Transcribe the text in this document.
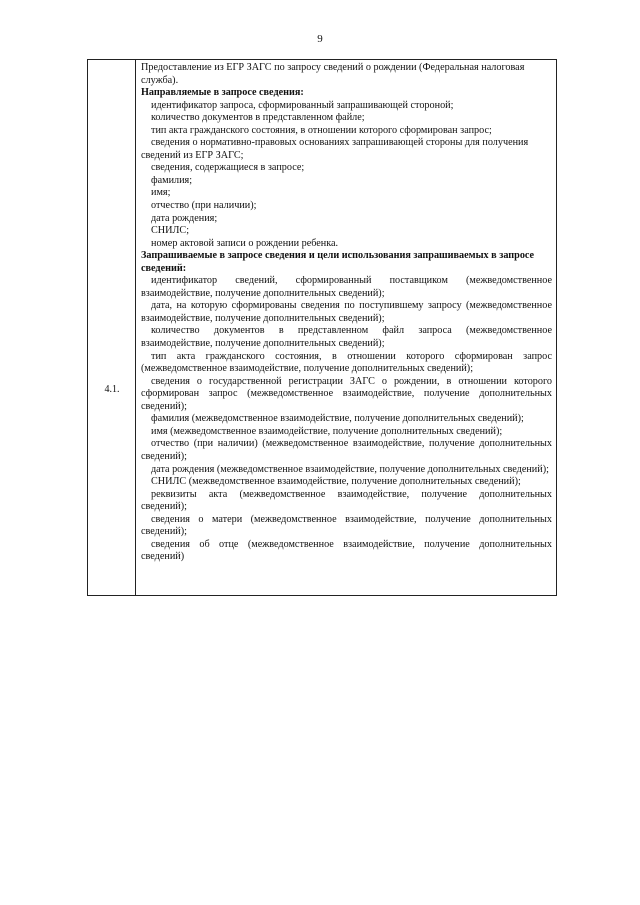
9
4.1.

Предоставление из ЕГР ЗАГС по запросу сведений о рождении (Федеральная налоговая служба).

Направляемые в запросе сведения:

идентификатор запроса, сформированный запрашивающей стороной;

количество документов в представленном файле;

тип акта гражданского состояния, в отношении которого сформирован запрос;

сведения о нормативно-правовых основаниях запрашивающей стороны для получения сведений из ЕГР ЗАГС;

сведения, содержащиеся в запросе;

фамилия;

имя;

отчество (при наличии);

дата рождения;

СНИЛС;

номер актовой записи о рождении ребенка.

Запрашиваемые в запросе сведения и цели использования запрашиваемых в запросе сведений:

идентификатор сведений, сформированный поставщиком (межведомственное взаимодействие, получение дополнительных сведений);

дата, на которую сформированы сведения по поступившему запросу (межведомственное взаимодействие, получение дополнительных сведений);

количество документов в представленном файл запроса (межведомственное взаимодействие, получение дополнительных сведений);

тип акта гражданского состояния, в отношении которого сформирован запрос (межведомственное взаимодействие, получение дополнительных сведений);

сведения о государственной регистрации ЗАГС о рождении, в отношении которого сформирован запрос (межведомственное взаимодействие, получение дополнительных сведений);

фамилия (межведомственное взаимодействие, получение дополнительных сведений);

имя (межведомственное взаимодействие, получение дополнительных сведений);

отчество (при наличии) (межведомственное взаимодействие, получение дополнительных сведений);

дата рождения (межведомственное взаимодействие, получение дополнительных сведений);

СНИЛС (межведомственное взаимодействие, получение дополнительных сведений);

реквизиты акта (межведомственное взаимодействие, получение дополнительных сведений);

сведения о матери (межведомственное взаимодействие, получение дополнительных сведений);

сведения об отце (межведомственное взаимодействие, получение дополнительных сведений)
